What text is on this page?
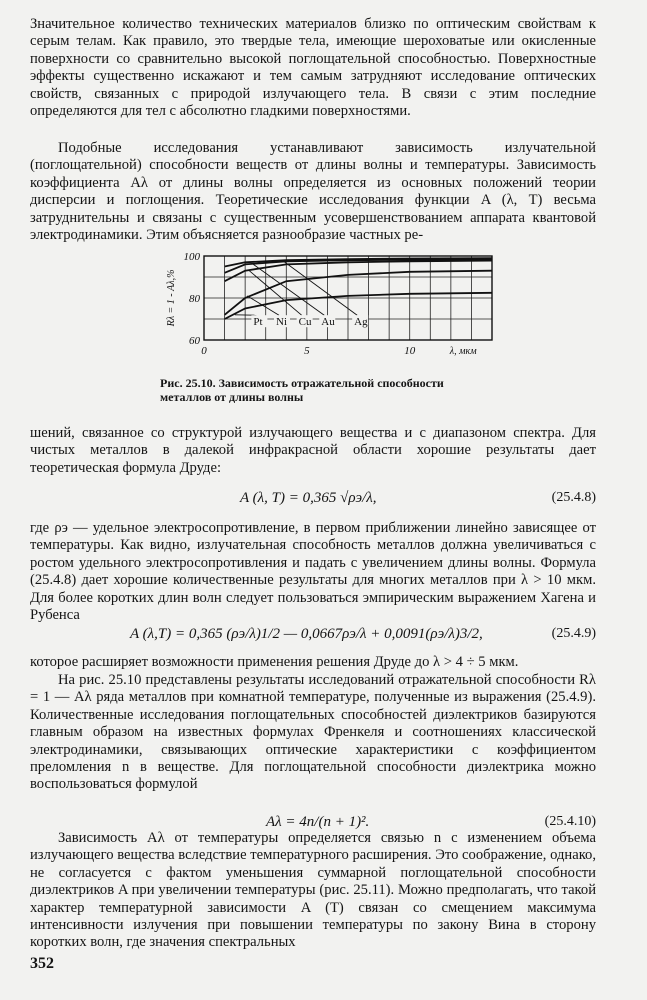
Значительное количество технических материалов близко по оптическим свойствам к серым телам. Как правило, это твердые тела, имеющие шероховатые или окисленные поверхности со сравнительно высокой поглощательной способностью. Поверхностные эффекты существенно искажают и тем самым затрудняют исследование оптических свойств, связанных с природой излучающего тела. В связи с этим последние определяются для тел с абсолютно гладкими поверхностями.

Подобные исследования устанавливают зависимость излучательной (поглощательной) способности веществ от длины волны и температуры. Зависимость коэффициента Aλ от длины волны определяется из основных положений теории дисперсии и поглощения. Теоретические исследования функции A (λ, T) весьма затруднительны и связаны с существенным усовершенствованием аппарата квантовой электродинамики. Этим объясняется разнообразие частных ре-

100
80
60
0	5	10	λ, мкм
Rλ = 1 - Aλ,%	Pt Ni Cu Au Ag
Рис. 25.10. Зависимость отражательной способности металлов от длины волны

шений, связанное со структурой излучающего вещества и с диапазоном спектра. Для чистых металлов в далекой инфракрасной области хорошие результаты дает теоретическая формула Друде:

A (λ, T) = 0,365 √ρэ/λ,	(25.4.8)

где ρэ — удельное электросопротивление, в первом приближении линейно зависящее от температуры. Как видно, излучательная способность металлов должна увеличиваться с ростом удельного электросопротивления и падать с увеличением длины волны. Формула (25.4.8) дает хорошие количественные результаты для многих металлов при λ > 10 мкм. Для более коротких длин волн следует пользоваться эмпирическим выражением Хагена и Рубенса

A (λ,T) = 0,365 (ρэ/λ)1/2 — 0,0667ρэ/λ + 0,0091(ρэ/λ)3/2,	(25.4.9)

которое расширяет возможности применения решения Друде до λ > 4 ÷ 5 мкм.

На рис. 25.10 представлены результаты исследований отражательной способности Rλ = 1 — Aλ ряда металлов при комнатной температуре, полученные из выражения (25.4.9). Количественные исследования поглощательных способностей диэлектриков базируются главным образом на известных формулах Френкеля и соотношениях классической электродинамики, связывающих оптические характеристики с коэффициентом преломления n в веществе. Для поглощательной способности диэлектрика можно воспользоваться формулой

Aλ = 4n/(n + 1)².	(25.4.10)

Зависимость Aλ от температуры определяется связью n с изменением объема излучающего вещества вследствие температурного расширения. Это соображение, однако, не согласуется с фактом уменьшения суммарной поглощательной способности диэлектриков A при увеличении температуры (рис. 25.11). Можно предполагать, что такой характер температурной зависимости A (T) связан со смещением максимума интенсивности излучения при повышении температуры по закону Вина в сторону коротких волн, где значения спектральных

352
